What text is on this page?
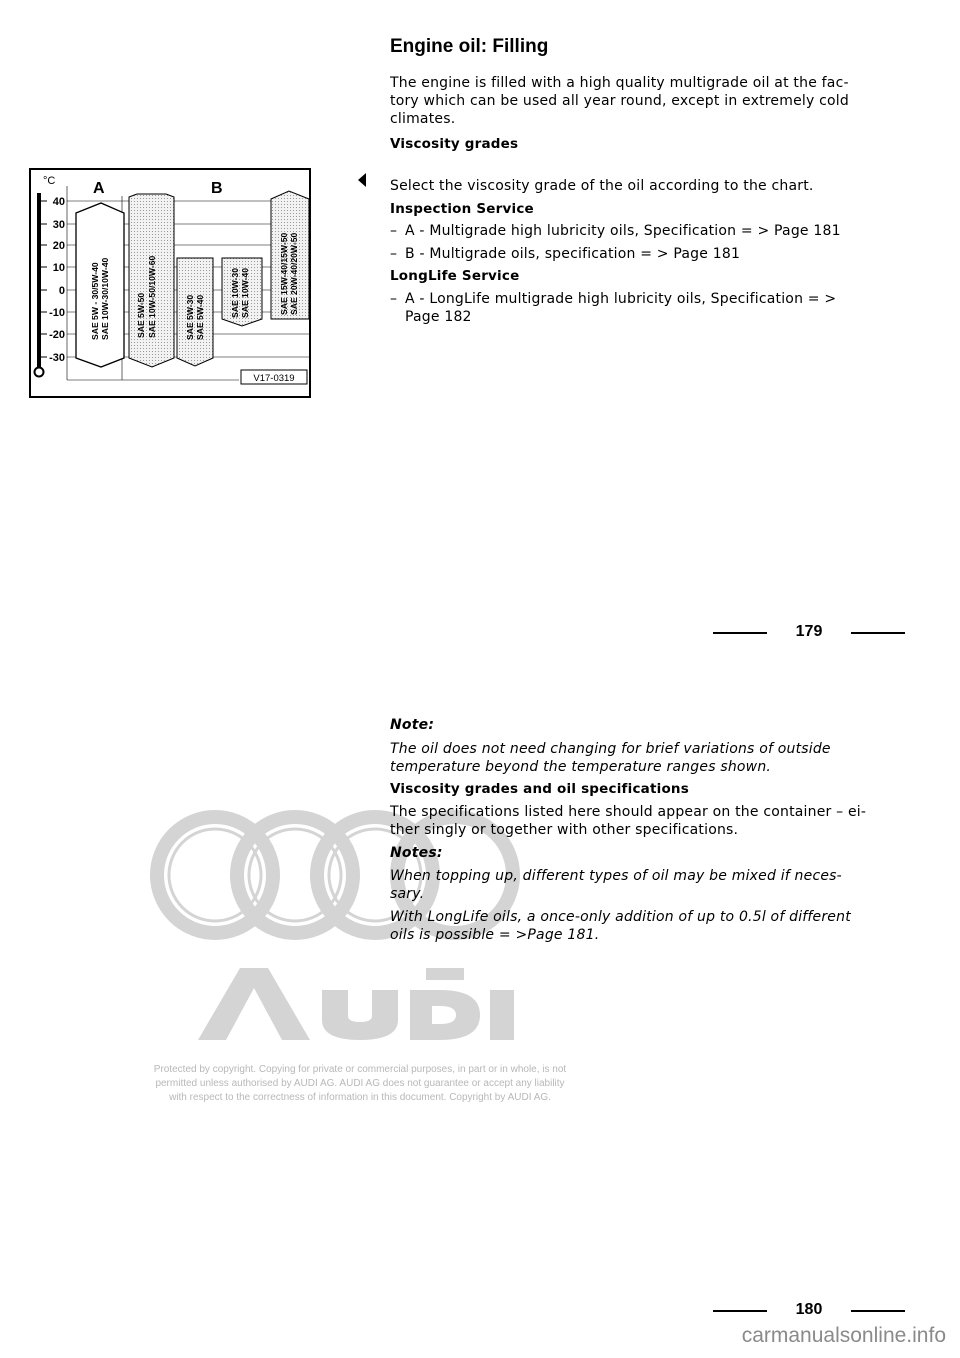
Engine oil: Filling
The engine is filled with a high quality multigrade oil at the fac-
tory which can be used all year round, except in extremely cold
climates.
Viscosity grades
Select the viscosity grade of the oil according to the chart.
Inspection Service
– A - Multigrade high lubricity oils, Specification = > Page 181
– B - Multigrade oils, specification = > Page 181
LongLife Service
– A - LongLife multigrade high lubricity oils, Specification = >
Page 182
°C
40
30
20
10
0
-10
-20
-30
A	B
SAE 5W - 30/5W-40 SAE 10W-30/10W-40	SAE 5W-50 SAE 10W-50/10W-60	SAE 5W-30 SAE 5W-40	SAE 10W-30 SAE 10W-40	SAE 15W-40/15W-50 SAE 20W-40/20W-50
V17-0319
179
Note:
The oil does not need changing for brief variations of outside
temperature beyond the temperature ranges shown.
Viscosity grades and oil specifications
The specifications listed here should appear on the container – ei-
ther singly or together with other specifications.
Notes:
When topping up, different types of oil may be mixed if neces-
sary.
With LongLife oils, a once-only addition of up to 0.5l of different
oils is possible = >Page 181.
Protected by copyright. Copying for private or commercial purposes, in part or in whole, is not
permitted unless authorised by AUDI AG. AUDI AG does not guarantee or accept any liability
with respect to the correctness of information in this document. Copyright by AUDI AG.
180
carmanualsonline.info
